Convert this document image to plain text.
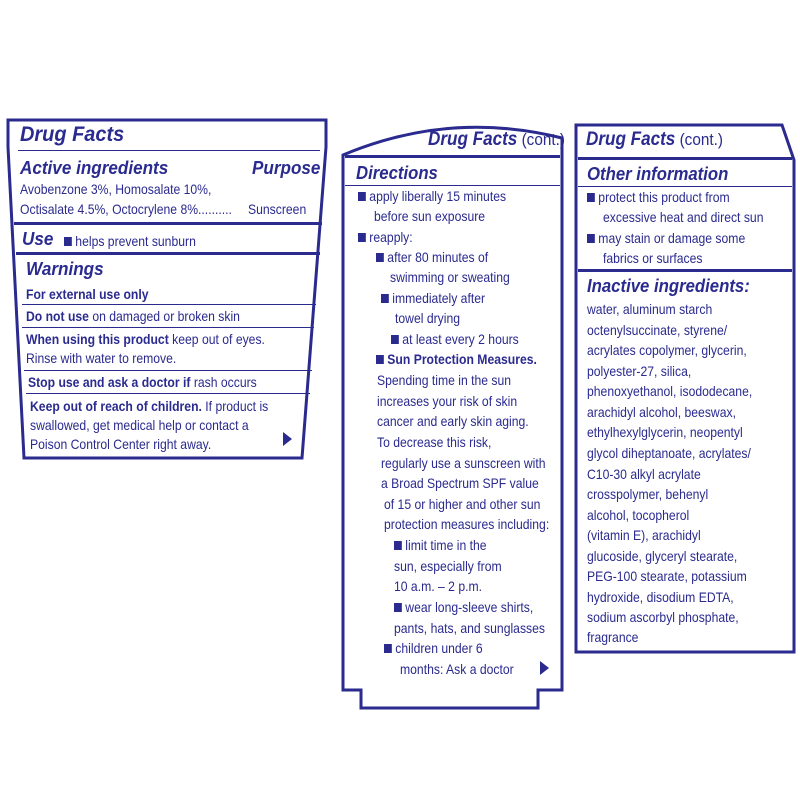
Drug Facts
Active ingredients	Purpose
Avobenzone 3%, Homosalate 10%,
Octisalate 4.5%, Octocrylene 8%.......... Sunscreen
Use	helps prevent sunburn
Warnings
For external use only
Do not use on damaged or broken skin
When using this product keep out of eyes.
Rinse with water to remove.
Stop use and ask a doctor if rash occurs
Keep out of reach of children. If product is
swallowed, get medical help or contact a
Poison Control Center right away.
Drug Facts (cont.)
Directions
apply liberally 15 minutes
before sun exposure
reapply:
after 80 minutes of
swimming or sweating
immediately after
towel drying
at least every 2 hours
Sun Protection Measures.
Spending time in the sun
increases your risk of skin
cancer and early skin aging.
To decrease this risk,
regularly use a sunscreen with
a Broad Spectrum SPF value
of 15 or higher and other sun
protection measures including:
limit time in the
sun, especially from
10 a.m. – 2 p.m.
wear long-sleeve shirts,
pants, hats, and sunglasses
children under 6
months: Ask a doctor
Drug Facts (cont.)
Other information
protect this product from
excessive heat and direct sun
may stain or damage some
fabrics or surfaces
Inactive ingredients:
water, aluminum starch
octenylsuccinate, styrene/
acrylates copolymer, glycerin,
polyester-27, silica,
phenoxyethanol, isododecane,
arachidyl alcohol, beeswax,
ethylhexylglycerin, neopentyl
glycol diheptanoate, acrylates/
C10-30 alkyl acrylate
crosspolymer, behenyl
alcohol, tocopherol
(vitamin E), arachidyl
glucoside, glyceryl stearate,
PEG-100 stearate, potassium
hydroxide, disodium EDTA,
sodium ascorbyl phosphate,
fragrance
